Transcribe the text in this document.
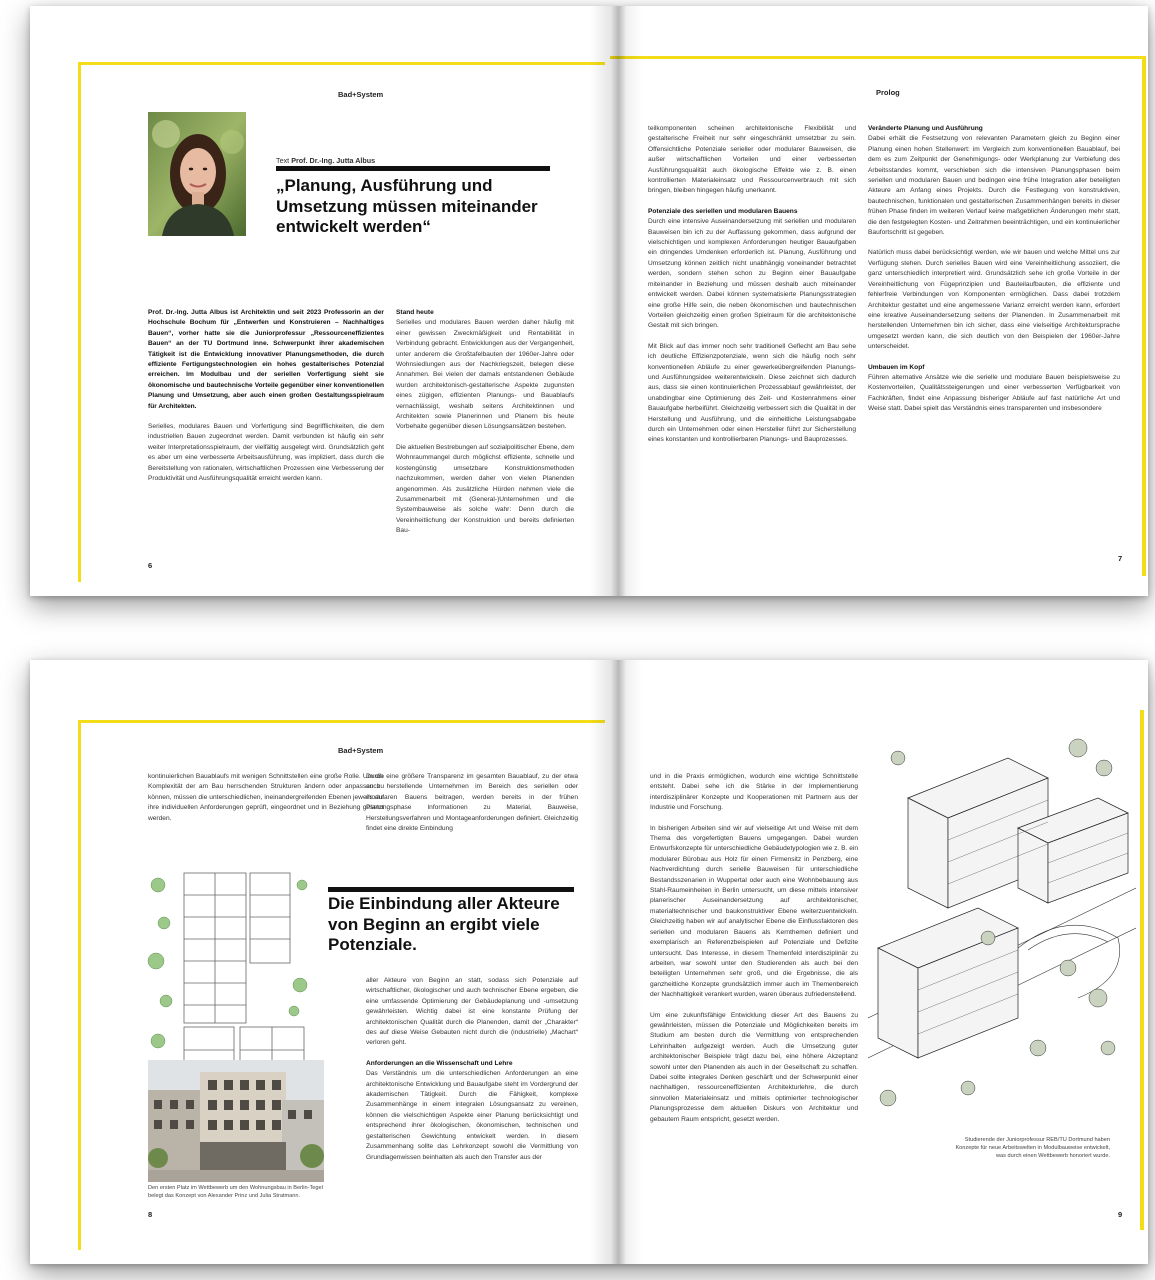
Bad+System
Text Prof. Dr.-Ing. Jutta Albus
„Planung, Ausführung und Umsetzung müssen miteinander entwickelt werden“

Prof. Dr.-Ing. Jutta Albus ist Architektin und seit 2023 Professorin an der Hochschule Bochum für „Entwerfen und Konstruieren – Nachhaltiges Bauen“, vorher hatte sie die Juniorprofessur „Ressourceneffizientes Bauen“ an der TU Dortmund inne. Schwerpunkt ihrer akademischen Tätigkeit ist die Entwicklung innovativer Planungsmethoden, die durch effiziente Fertigungstechnologien ein hohes gestalterisches Potenzial erreichen. Im Modulbau und der seriellen Vorfertigung sieht sie ökonomische und bautechnische Vorteile gegenüber einer konventionellen Planung und Umsetzung, aber auch einen großen Gestaltungsspielraum für Architekten.

Serielles, modulares Bauen und Vorfertigung sind Begrifflichkeiten, die dem industriellen Bauen zugeordnet werden. Damit verbunden ist häufig ein sehr weiter Interpretationsspielraum, der vielfältig ausgelegt wird. Grundsätzlich geht es aber um eine verbesserte Arbeitsausführung, was impliziert, dass durch die Bereitstellung von rationalen, wirtschaftlichen Prozessen eine Verbesserung der Produktivität und Ausführungsqualität erreicht werden kann.

Stand heute

Serielles und modulares Bauen werden daher häufig mit einer gewissen Zweckmäßigkeit und Rentabilität in Verbindung gebracht. Entwicklungen aus der Vergangenheit, unter anderem die Großtafelbauten der 1960er-Jahre oder Wohnsiedlungen aus der Nachkriegszeit, belegen diese Annahmen. Bei vielen der damals entstandenen Gebäude wurden architektonisch-gestalterische Aspekte zugunsten eines zügigen, effizienten Planungs- und Bauablaufs vernachlässigt, weshalb seitens Architektinnen und Architekten sowie Planerinnen und Planern bis heute Vorbehalte gegenüber diesen Lösungsansätzen bestehen.

Die aktuellen Bestrebungen auf sozialpolitischer Ebene, dem Wohnraummangel durch möglichst effiziente, schnelle und kostengünstig umsetzbare Konstruktionsmethoden nachzukommen, werden daher von vielen Planenden angenommen. Als zusätzliche Hürden nehmen viele die Zusammenarbeit mit (General-)Unternehmen und die Systembauweise als solche wahr: Denn durch die Vereinheitlichung der Konstruktion und bereits definierten Bau-

6
Prolog

teilkomponenten scheinen architektonische Flexibilität und gestalterische Freiheit nur sehr eingeschränkt umsetzbar zu sein. Offensichtliche Potenziale serieller oder modularer Bauweisen, die außer wirtschaftlichen Vorteilen und einer verbesserten Ausführungsqualität auch ökologische Effekte wie z. B. einen kontrollierten Materialeinsatz und Ressourcenverbrauch mit sich bringen, bleiben hingegen häufig unerkannt.

Potenziale des seriellen und modularen Bauens

Durch eine intensive Auseinandersetzung mit seriellen und modularen Bauweisen bin ich zu der Auffassung gekommen, dass aufgrund der vielschichtigen und komplexen Anforderungen heutiger Bauaufgaben ein dringendes Umdenken erforderlich ist. Planung, Ausführung und Umsetzung können zeitlich nicht unabhängig voneinander betrachtet werden, sondern stehen schon zu Beginn einer Bauaufgabe miteinander in Beziehung und müssen deshalb auch miteinander entwickelt werden. Dabei können systematisierte Planungsstrategien eine große Hilfe sein, die neben ökonomischen und bautechnischen Vorteilen gleichzeitig einen großen Spielraum für die architektonische Gestalt mit sich bringen.

Mit Blick auf das immer noch sehr traditionell Geflecht am Bau sehe ich deutliche Effizienzpotenziale, wenn sich die häufig noch sehr konventionellen Abläufe zu einer gewerkeübergreifenden Planungs- und Ausführungsidee weiterentwickeln. Diese zeichnet sich dadurch aus, dass sie einen kontinuierlichen Prozessablauf gewährleistet, der unabdingbar eine Optimierung des Zeit- und Kostenrahmens einer Bauaufgabe herbeiführt. Gleichzeitig verbessert sich die Qualität in der Herstellung und Ausführung, und die einheitliche Leistungsabgabe durch ein Unternehmen oder einen Hersteller führt zur Sicherstellung eines konstanten und kontrollierbaren Planungs- und Bauprozesses.

Veränderte Planung und Ausführung

Dabei erhält die Festsetzung von relevanten Parametern gleich zu Beginn einer Planung einen hohen Stellenwert: im Vergleich zum konventionellen Bauablauf, bei dem es zum Zeitpunkt der Genehmigungs- oder Werkplanung zur Verbiefung des Arbeitsstandes kommt, verschieben sich die intensiven Planungsphasen beim seriellen und modularen Bauen und bedingen eine frühe Integration aller beteiligten Akteure am Anfang eines Projekts. Durch die Festlegung von konstruktiven, bautechnischen, funktionalen und gestalterischen Zusammenhängen bereits in dieser frühen Phase finden im weiteren Verlauf keine maßgeblichen Änderungen mehr statt, die den festgelegten Kosten- und Zeitrahmen beeinträchtigen, und ein kontinuierlicher Baufortschritt ist gegeben.

Natürlich muss dabei berücksichtigt werden, wie wir bauen und welche Mittel uns zur Verfügung stehen. Durch serielles Bauen wird eine Vereinheitlichung assoziiert, die ganz unterschiedlich interpretiert wird. Grundsätzlich sehe ich große Vorteile in der Vereinheitlichung von Fügeprinzipien und Bauteilaufbauten, die effiziente und fehlerfreie Verbindungen von Komponenten ermöglichen. Dass dabei trotzdem Architektur gestaltet und eine angemessene Varianz erreicht werden kann, erfordert eine kreative Auseinandersetzung seitens der Planenden. In Zusammenarbeit mit herstellenden Unternehmen bin ich sicher, dass eine vielseitige Architektursprache umgesetzt werden kann, die sich deutlich von den Beispielen der 1960er-Jahre unterscheidet.

Umbauen im Kopf

Führen alternative Ansätze wie die serielle und modulare Bauen beispielsweise zu Kostenvorteilen, Qualitätssteigerungen und einer verbesserten Verfügbarkeit von Fachkräften, findet eine Anpassung bisheriger Abläufe auf fast natürliche Art und Weise statt. Dabei spielt das Verständnis eines transparenten und insbesondere

7
Bad+System

kontinuierlichen Bauablaufs mit wenigen Schnittstellen eine große Rolle. Um die Komplexität der am Bau herrschenden Strukturen ändern oder anpassen zu können, müssen die unterschiedlichen, ineinandergreifenden Ebenen jeweils auf ihre individuellen Anforderungen geprüft, eingeordnet und in Beziehung gesetzt werden.

Durch eine größere Transparenz im gesamten Bauablauf, zu der etwa auch herstellende Unternehmen im Bereich des seriellen oder modularen Bauens beitragen, werden bereits in der frühen Planungsphase Informationen zu Material, Bauweise, Herstellungsverfahren und Montageanforderungen definiert. Gleichzeitig findet eine direkte Einbindung

Die Einbindung aller Akteure von Beginn an ergibt viele Potenziale.

aller Akteure von Beginn an statt, sodass sich Potenziale auf wirtschaftlicher, ökologischer und auch technischer Ebene ergeben, die eine umfassende Optimierung der Gebäudeplanung und -umsetzung gewährleisten. Wichtig dabei ist eine konstante Prüfung der architektonischen Qualität durch die Planenden, damit der „Charakter“ des auf diese Weise Gebauten nicht durch die (industrielle) „Machart“ verloren geht.

Anforderungen an die Wissenschaft und Lehre

Das Verständnis um die unterschiedlichen Anforderungen an eine architektonische Entwicklung und Bauaufgabe steht im Vordergrund der akademischen Tätigkeit. Durch die Fähigkeit, komplexe Zusammenhänge in einem integralen Lösungsansatz zu vereinen, können die vielschichtigen Aspekte einer Planung berücksichtigt und entsprechend ihrer ökologischen, ökonomischen, technischen und gestalterischen Gewichtung entwickelt werden. In diesem Zusammenhang sollte das Lehrkonzept sowohl die Vermittlung von Grundlagenwissen beinhalten als auch den Transfer aus der

Den ersten Platz im Wettbewerb um den Wohnungsbau in Berlin-Tegel belegt das Konzept von Alexander Prinz und Julia Stratmann.
8

und in die Praxis ermöglichen, wodurch eine wichtige Schnittstelle entsteht. Dabei sehe ich die Stärke in der Implementierung interdisziplinärer Konzepte und Kooperationen mit Partnern aus der Industrie und Forschung.

In bisherigen Arbeiten sind wir auf vielseitige Art und Weise mit dem Thema des vorgefertigten Bauens umgegangen. Dabei wurden Entwurfskonzepte für unterschiedliche Gebäudetypologien wie z. B. ein modularer Bürobau aus Holz für einen Firmensitz in Penzberg, eine Nachverdichtung durch serielle Bauweisen für unterschiedliche Bestandsszenarien in Wuppertal oder auch eine Wohnbebauung aus Stahl-Raumeinheiten in Berlin untersucht, um diese mittels intensiver planerischer Auseinandersetzung auf architektonischer, materialtechnischer und baukonstruktiver Ebene weiterzuentwickeln. Gleichzeitig haben wir auf analytischer Ebene die Einflussfaktoren des seriellen und modularen Bauens als Kernthemen definiert und exemplarisch an Referenzbeispielen auf Potenziale und Defizite untersucht. Das Interesse, in diesem Themenfeld interdisziplinär zu arbeiten, war sowohl unter den Studierenden als auch bei den beteiligten Unternehmen sehr groß, und die Ergebnisse, die als ganzheitliche Konzepte grundsätzlich immer auch im Themenbereich der Nachhaltigkeit verankert wurden, waren überaus zufriedenstellend.

Um eine zukunftsfähige Entwicklung dieser Art des Bauens zu gewährleisten, müssen die Potenziale und Möglichkeiten bereits im Studium am besten durch die Vermittlung von entsprechenden Lehrinhalten aufgezeigt werden. Auch die Umsetzung guter architektonischer Beispiele trägt dazu bei, eine höhere Akzeptanz sowohl unter den Planenden als auch in der Gesellschaft zu schaffen. Dabei sollte integrales Denken geschärft und der Schwerpunkt einer nachhaltigen, ressourceneffizienten Architekturlehre, die durch sinnvollen Materialeinsatz und mittels optimierter technologischer Planungsprozesse dem aktuellen Diskurs von Architektur und gebautem Raum entspricht, gesetzt werden.

Studierende der Juniorprofessur REB/TU Dortmund haben Konzepte für neue Arbeitswelten in Modulbauweise entwickelt, was durch einen Wettbewerb honoriert wurde.
9
